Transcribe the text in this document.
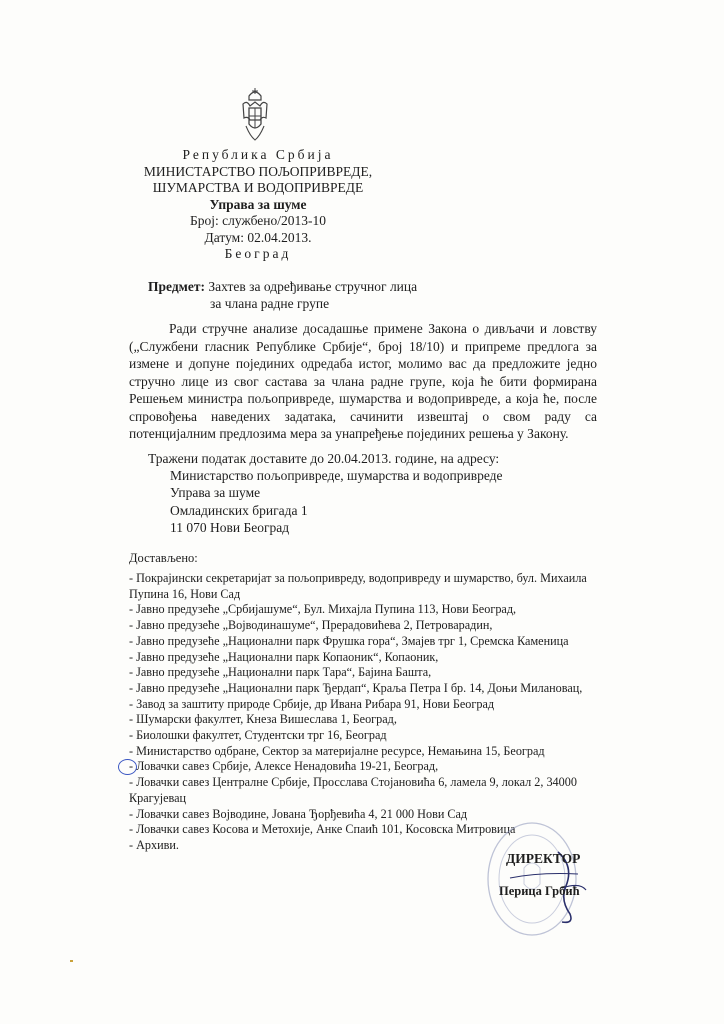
Република Србија
МИНИСТАРСТВО ПОЉОПРИВРЕДЕ,
ШУМАРСТВА И ВОДОПРИВРЕДЕ
Управа за шуме
Број: службено/2013-10
Датум: 02.04.2013.
Београд
Предмет: Захтев за одређивање стручног лица
за члана радне групе

Ради стручне анализе досадашње примене Закона о дивљачи и ловству („Службени гласник Републике Србије“, број 18/10) и припреме предлога за измене и допуне појединих одредаба истог, молимо вас да предложите једно стручно лице из свог састава за члана радне групе, која ће бити формирана Решењем министра пољопривреде, шумарства и водопривреде, а која ће, после спровођења наведених задатака, сачинити извештај о свом раду са потенцијалним предлозима мера за унапређење појединих решења у Закону.

Тражени податак доставите до 20.04.2013. године, на адресу:
Министарство пољопривреде, шумарства и водопривреде
Управа за шуме
Омладинских бригада 1
11 070 Нови Београд
Достављено:
- Покрајински секретаријат за пољопривреду, водопривреду и шумарство, бул. Михаила
Пупина 16, Нови Сад
- Јавно предузеће „Србијашуме“, Бул. Михајла Пупина 113, Нови Београд,
- Јавно предузеће „Војводинашуме“, Прерадовићева 2, Петроварадин,
- Јавно предузеће „Национални парк Фрушка гора“, Змајев трг 1, Сремска Каменица
- Јавно предузеће „Национални парк Копаоник“, Копаоник,
- Јавно предузеће „Национални парк Тара“, Бајина Башта,
- Јавно предузеће „Национални парк Ђердап“, Краља Петра I бр. 14, Доњи Милановац,
- Завод за заштиту природе Србије, др Ивана Рибара 91, Нови Београд
- Шумарски факултет, Кнеза Вишеслава 1, Београд,
- Биолошки факултет, Студентски трг 16, Београд
- Министарство одбране, Сектор за материјалне ресурсе, Немањина 15, Београд
- Ловачки савез Србије, Алексе Ненадовића 19-21, Београд,
- Ловачки савез Централне Србије, Просслава Стојановића 6, ламела 9, локал 2, 34000
Крагујевац
- Ловачки савез Војводине, Јована Ђорђевића 4, 21 000 Нови Сад
- Ловачки савез Косова и Метохије, Анке Спаић 101, Косовска Митровица
- Архиви.
ДИРЕКТОР
Перица Грбић
